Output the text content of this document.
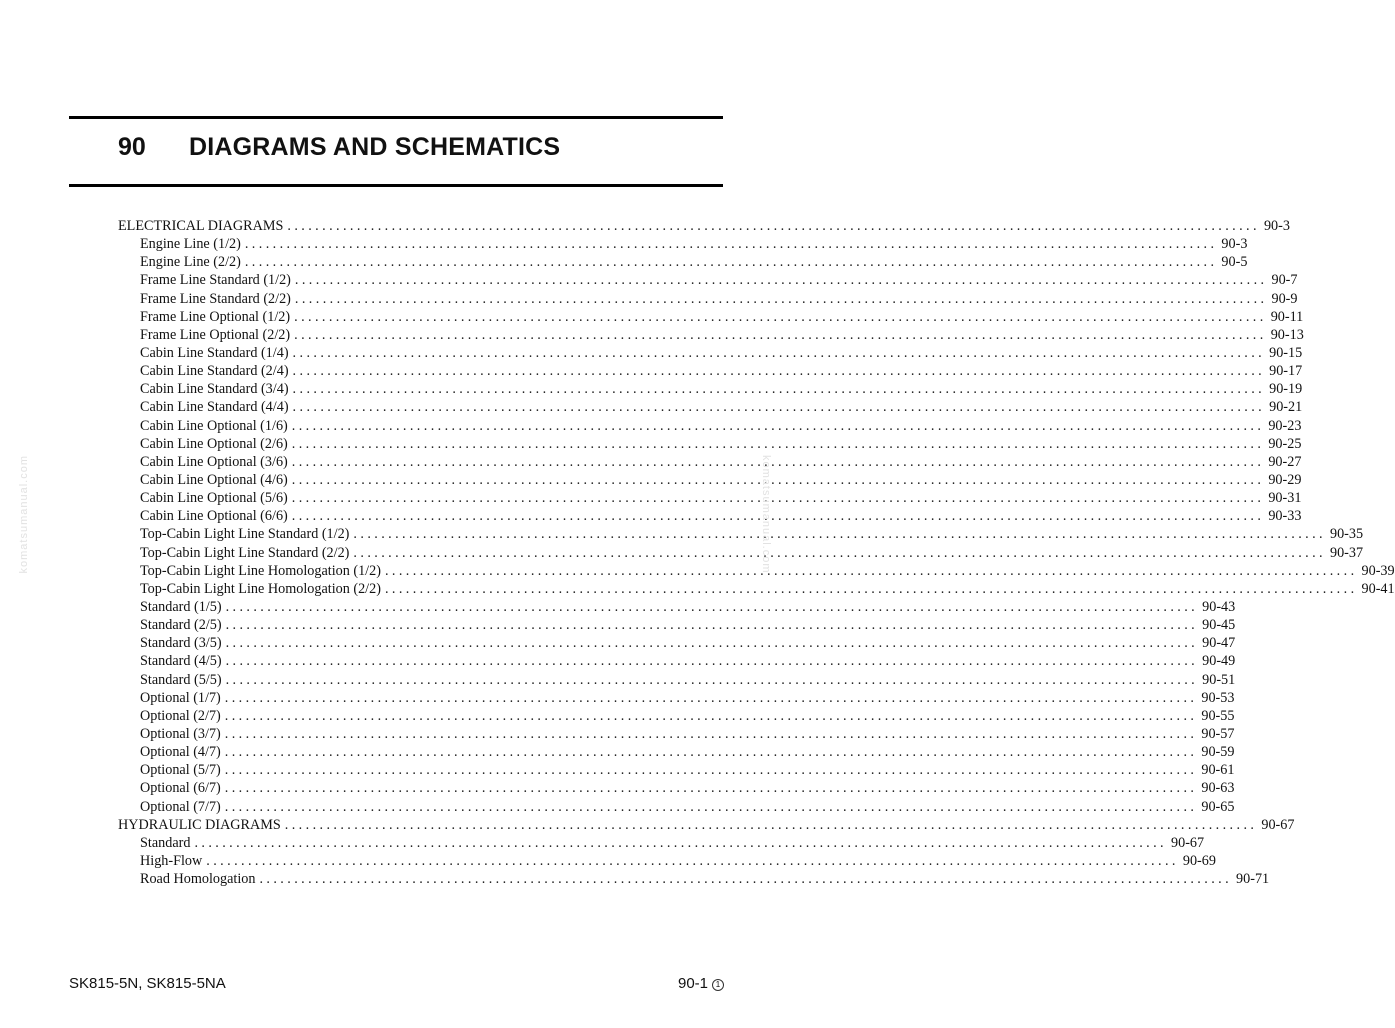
90 DIAGRAMS AND SCHEMATICS
ELECTRICAL DIAGRAMS ............................................................................................................................................ 90-3
Engine Line (1/2) ............................................................................................................................................ 90-3
Engine Line (2/2) ............................................................................................................................................ 90-5
Frame Line Standard (1/2) ............................................................................................................................................ 90-7
Frame Line Standard (2/2) ............................................................................................................................................ 90-9
Frame Line Optional (1/2) ............................................................................................................................................ 90-11
Frame Line Optional (2/2) ............................................................................................................................................ 90-13
Cabin Line Standard (1/4) ............................................................................................................................................ 90-15
Cabin Line Standard (2/4) ............................................................................................................................................ 90-17
Cabin Line Standard (3/4) ............................................................................................................................................ 90-19
Cabin Line Standard (4/4) ............................................................................................................................................ 90-21
Cabin Line Optional (1/6) ............................................................................................................................................ 90-23
Cabin Line Optional (2/6) ............................................................................................................................................ 90-25
Cabin Line Optional (3/6) ............................................................................................................................................ 90-27
Cabin Line Optional (4/6) ............................................................................................................................................ 90-29
Cabin Line Optional (5/6) ............................................................................................................................................ 90-31
Cabin Line Optional (6/6) ............................................................................................................................................ 90-33
Top-Cabin Light Line Standard (1/2) ............................................................................................................................................ 90-35
Top-Cabin Light Line Standard (2/2) ............................................................................................................................................ 90-37
Top-Cabin Light Line Homologation (1/2) ............................................................................................................................................ 90-39
Top-Cabin Light Line Homologation (2/2) ............................................................................................................................................ 90-41
Standard (1/5) ............................................................................................................................................ 90-43
Standard (2/5) ............................................................................................................................................ 90-45
Standard (3/5) ............................................................................................................................................ 90-47
Standard (4/5) ............................................................................................................................................ 90-49
Standard (5/5) ............................................................................................................................................ 90-51
Optional (1/7) ............................................................................................................................................ 90-53
Optional (2/7) ............................................................................................................................................ 90-55
Optional (3/7) ............................................................................................................................................ 90-57
Optional (4/7) ............................................................................................................................................ 90-59
Optional (5/7) ............................................................................................................................................ 90-61
Optional (6/7) ............................................................................................................................................ 90-63
Optional (7/7) ............................................................................................................................................ 90-65
HYDRAULIC DIAGRAMS ............................................................................................................................................ 90-67
Standard ............................................................................................................................................ 90-67
High-Flow ............................................................................................................................................ 90-69
Road Homologation ............................................................................................................................................ 90-71
komatsumanual.com	komatsumanual.com
SK815-5N, SK815-5NA	90-1 1
